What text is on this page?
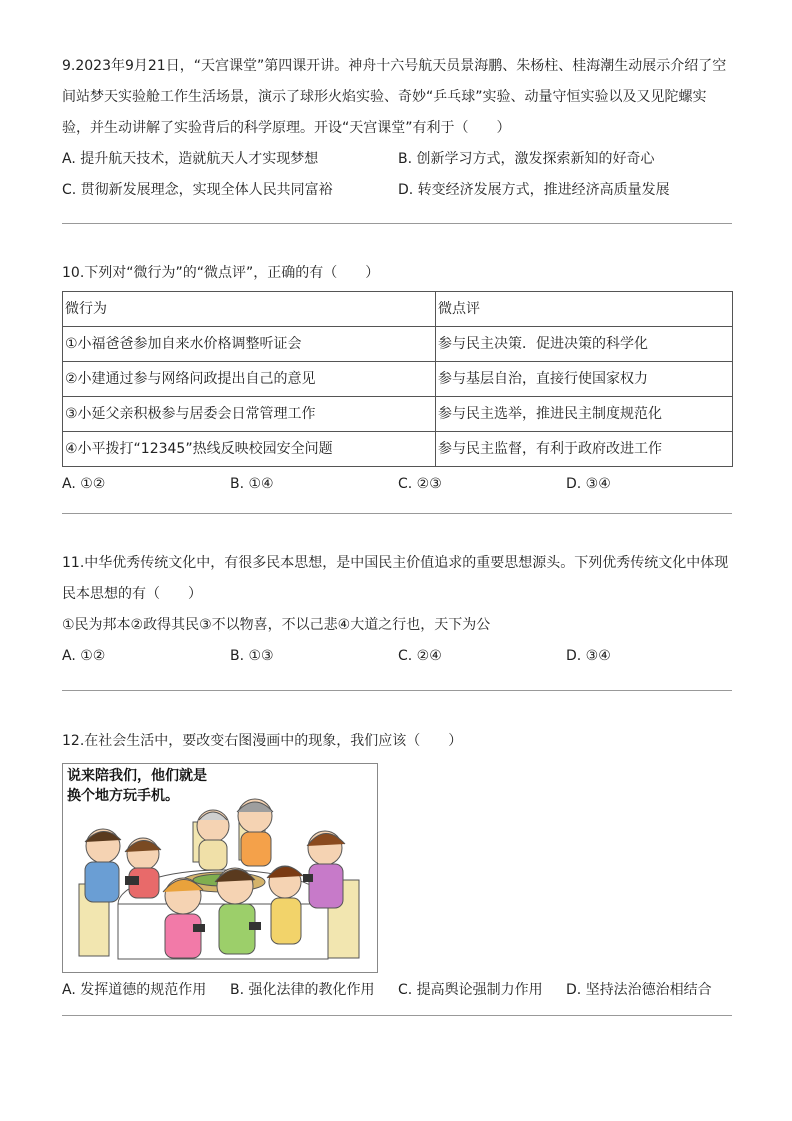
9.2023年9月21日，“天宫课堂”第四课开讲。神舟十六号航天员景海鹏、朱杨柱、桂海潮生动展示介绍了空间站梦天实验舱工作生活场景，演示了球形火焰实验、奇妙“乒乓球”实验、动量守恒实验以及又见陀螺实验，并生动讲解了实验背后的科学原理。开设“天宫课堂”有利于（　　）
A. 提升航天技术，造就航天人才实现梦想	B. 创新学习方式，激发探索新知的好奇心
C. 贯彻新发展理念，实现全体人民共同富裕	D. 转变经济发展方式，推进经济高质量发展
10.下列对“微行为”的“微点评”，正确的有（　　）
微行为	微点评
①小福爸爸参加自来水价格调整听证会	参与民主决策．促进决策的科学化
②小建通过参与网络问政提出自己的意见	参与基层自治，直接行使国家权力
③小延父亲积极参与居委会日常管理工作	参与民主选举，推进民主制度规范化
④小平拨打“12345”热线反映校园安全问题	参与民主监督，有利于政府改进工作
A. ①②	B. ①④	C. ②③	D. ③④
11.中华优秀传统文化中，有很多民本思想，是中国民主价值追求的重要思想源头。下列优秀传统文化中体现民本思想的有（　　）
①民为邦本②政得其民③不以物喜，不以己悲④大道之行也，天下为公
A. ①②	B. ①③	C. ②④	D. ③④
12.在社会生活中，要改变右图漫画中的现象，我们应该（　　）
说来陪我们，他们就是
换个地方玩手机。
A. 发挥道德的规范作用	B. 强化法律的教化作用	C. 提高舆论强制力作用	D. 坚持法治德治相结合
